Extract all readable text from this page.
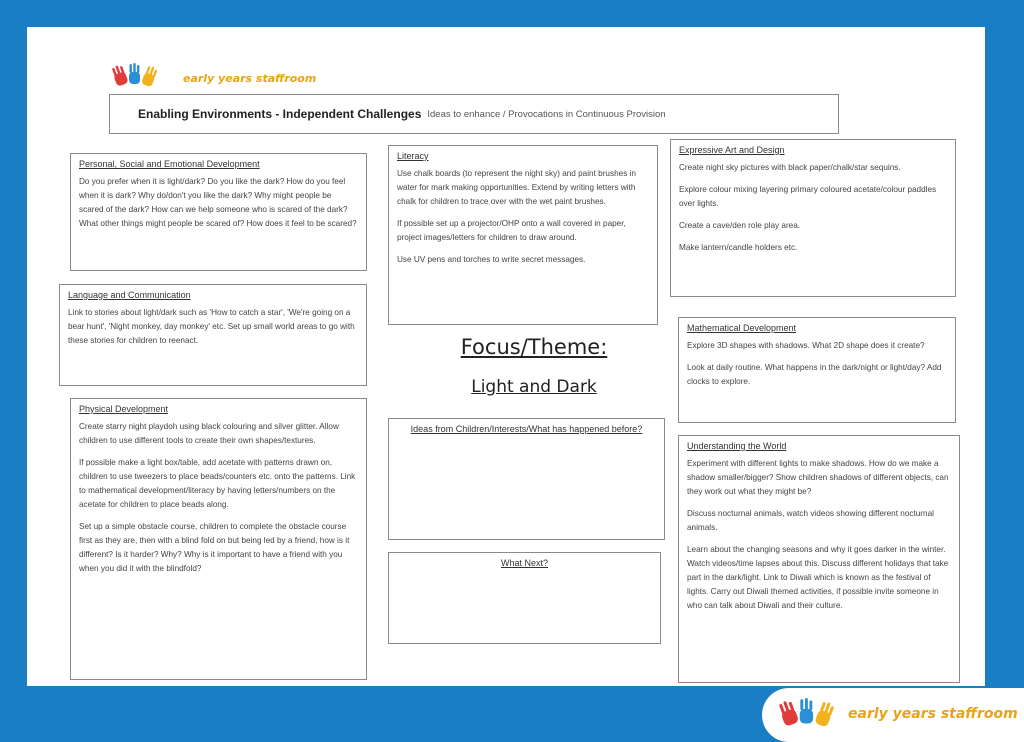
early years staffroom
Enabling Environments - Independent Challenges Ideas to enhance / Provocations in Continuous Provision
Personal, Social and Emotional Development

Do you prefer when it is light/dark? Do you like the dark? How do you feel when it is dark? Why do/don't you like the dark? Why might people be scared of the dark? How can we help someone who is scared of the dark? What other things might people be scared of? How does it feel to be scared?

Language and Communication

Link to stories about light/dark such as 'How to catch a star', 'We're going on a bear hunt', 'Night monkey, day monkey' etc. Set up small world areas to go with these stories for children to reenact.

Physical Development

Create starry night playdoh using black colouring and silver glitter. Allow children to use different tools to create their own shapes/textures.

If possible make a light box/table, add acetate with patterns drawn on, children to use tweezers to place beads/counters etc. onto the patterns. Link to mathematical development/literacy by having letters/numbers on the acetate for children to place beads along.

Set up a simple obstacle course, children to complete the obstacle course first as they are, then with a blind fold on but being led by a friend, how is it different? Is it harder? Why? Why is it important to have a friend with you when you did it with the blindfold?

Literacy

Use chalk boards (to represent the night sky) and paint brushes in water for mark making opportunities. Extend by writing letters with chalk for children to trace over with the wet paint brushes.

If possible set up a projector/OHP onto a wall covered in paper, project images/letters for children to draw around.

Use UV pens and torches to write secret messages.

Focus/Theme:
Light and Dark
Ideas from Children/Interests/What has happened before?
What Next?
Expressive Art and Design

Create night sky pictures with black paper/chalk/star sequins.

Explore colour mixing layering primary coloured acetate/colour paddles over lights.

Create a cave/den role play area.

Make lantern/candle holders etc.

Mathematical Development

Explore 3D shapes with shadows. What 2D shape does it create?

Look at daily routine. What happens in the dark/night or light/day? Add clocks to explore.

Understanding the World

Experiment with different lights to make shadows. How do we make a shadow smaller/bigger? Show children shadows of different objects, can they work out what they might be?

Discuss nocturnal animals, watch videos showing different nocturnal animals.

Learn about the changing seasons and why it goes darker in the winter. Watch videos/time lapses about this. Discuss different holidays that take part in the dark/light. Link to Diwali which is known as the festival of lights. Carry out Diwali themed activities, if possible invite someone in who can talk about Diwali and their culture.

early years staffroom
